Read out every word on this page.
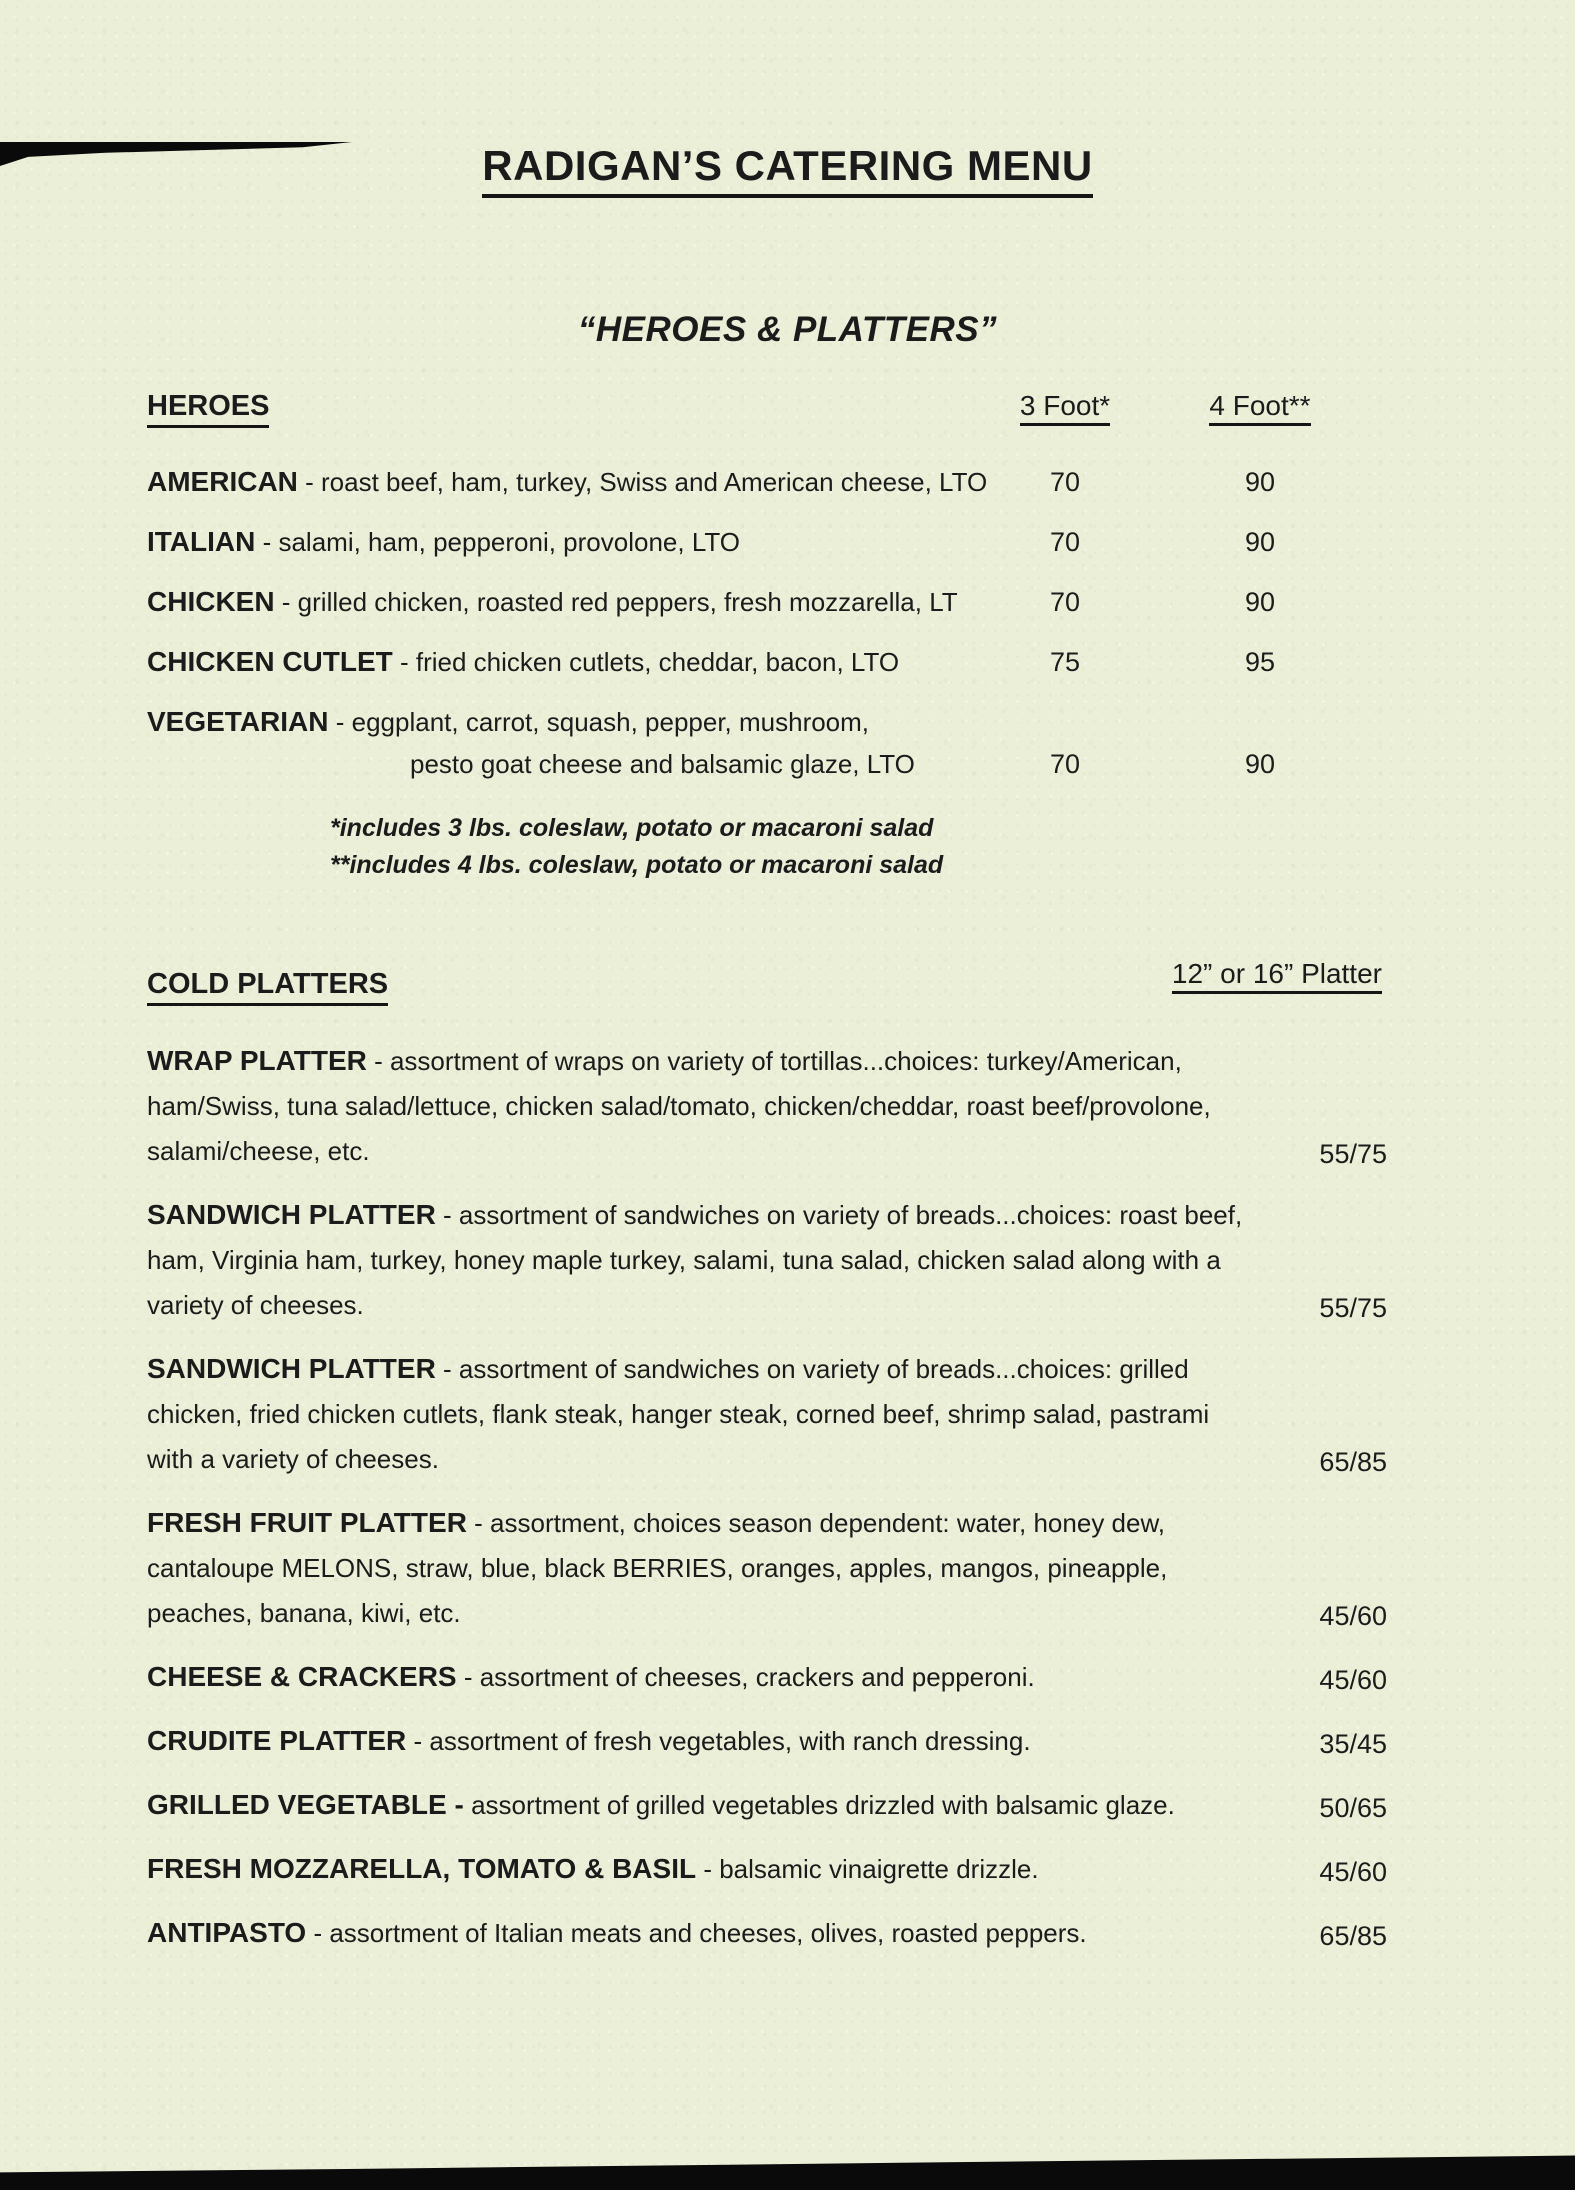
RADIGAN’S CATERING MENU
“HEROES & PLATTERS”
HEROES	3 Foot*	4 Foot**
AMERICAN - roast beef, ham, turkey, Swiss and American cheese, LTO	70	90
ITALIAN - salami, ham, pepperoni, provolone, LTO	70	90
CHICKEN - grilled chicken, roasted red peppers, fresh mozzarella, LT	70	90
CHICKEN CUTLET - fried chicken cutlets, cheddar, bacon, LTO	75	95
VEGETARIAN - eggplant, carrot, squash, pepper, mushroom,
pesto goat cheese and balsamic glaze, LTO	70	90
*includes 3 lbs. coleslaw, potato or macaroni salad
**includes 4 lbs. coleslaw, potato or macaroni salad
COLD PLATTERS	12” or 16” Platter

WRAP PLATTER - assortment of wraps on variety of tortillas...choices: turkey/American, ham/Swiss, tuna salad/lettuce, chicken salad/tomato, chicken/cheddar, roast beef/provolone, salami/cheese, etc.	55/75

SANDWICH PLATTER - assortment of sandwiches on variety of breads...choices: roast beef, ham, Virginia ham, turkey, honey maple turkey, salami, tuna salad, chicken salad along with a variety of cheeses.	55/75

SANDWICH PLATTER - assortment of sandwiches on variety of breads...choices: grilled chicken, fried chicken cutlets, flank steak, hanger steak, corned beef, shrimp salad, pastrami with a variety of cheeses.	65/85

FRESH FRUIT PLATTER - assortment, choices season dependent: water, honey dew, cantaloupe MELONS, straw, blue, black BERRIES, oranges, apples, mangos, pineapple, peaches, banana, kiwi, etc.	45/60

CHEESE & CRACKERS - assortment of cheeses, crackers and pepperoni.	45/60

CRUDITE PLATTER - assortment of fresh vegetables, with ranch dressing.	35/45

GRILLED VEGETABLE - assortment of grilled vegetables drizzled with balsamic glaze.	50/65

FRESH MOZZARELLA, TOMATO & BASIL - balsamic vinaigrette drizzle.	45/60

ANTIPASTO - assortment of Italian meats and cheeses, olives, roasted peppers.	65/85
